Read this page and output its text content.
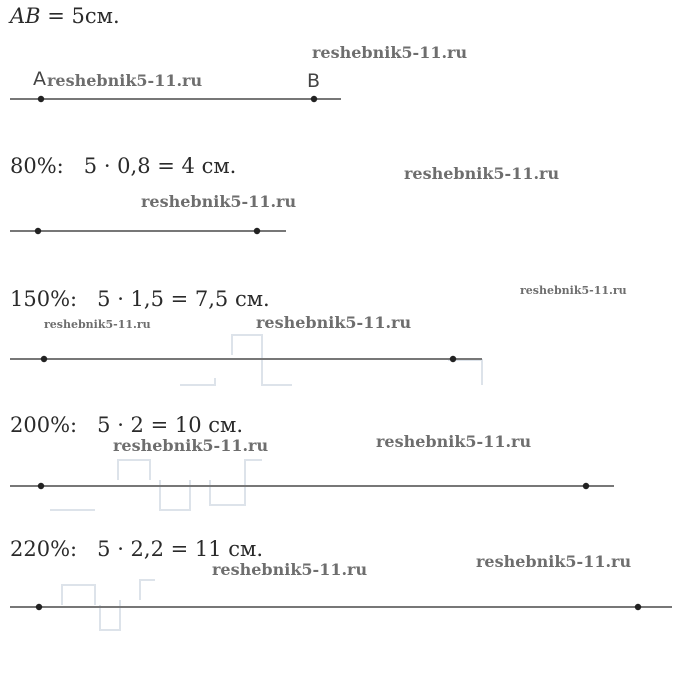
AB = 5см.
A	B
80%: 5 · 0,8 = 4 см.
150%: 5 · 1,5 = 7,5 см.
200%: 5 · 2 = 10 см.
220%: 5 · 2,2 = 11 см.
reshebnik5-11.ru
reshebnik5-11.ru
reshebnik5-11.ru
reshebnik5-11.ru
reshebnik5-11.ru
reshebnik5-11.ru	reshebnik5-11.ru
reshebnik5-11.ru
reshebnik5-11.ru
reshebnik5-11.ru
reshebnik5-11.ru
